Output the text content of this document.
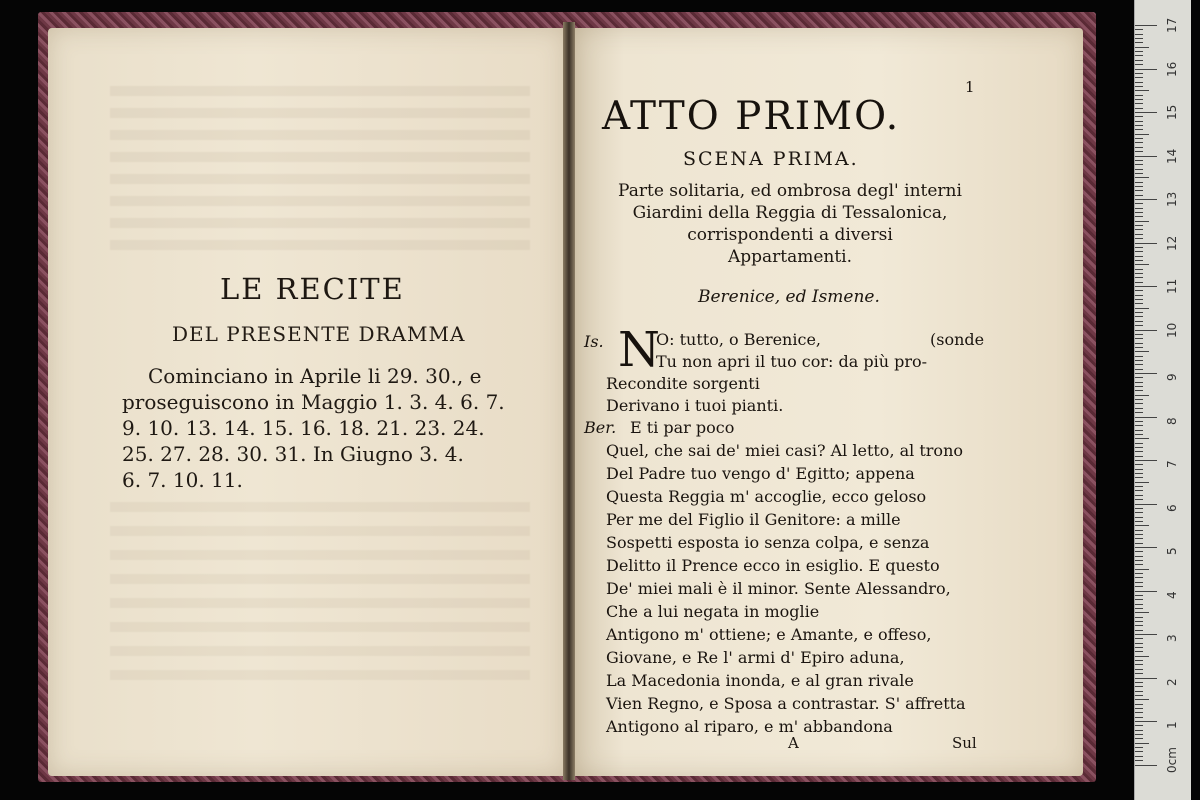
LE RECITE
DEL PRESENTE DRAMMA
Cominciano in Aprile li 29. 30., e
proseguiscono in Maggio 1. 3. 4. 6. 7.
9. 10. 13. 14. 15. 16. 18. 21. 23. 24.
25. 27. 28. 30. 31. In Giugno 3. 4.
6. 7. 10. 11.
ATTO PRIMO.
1
SCENA PRIMA.
Parte solitaria, ed ombrosa degl' interni
Giardini della Reggia di Tessalonica,
corrispondenti a diversi
Appartamenti.
Berenice, ed Ismene.
Is. N
O: tutto, o Berenice,	(sonde
Tu non apri il tuo cor: da più pro-
Recondite sorgenti
Derivano i tuoi pianti.
Ber. E ti par poco
Quel, che sai de' miei casi? Al letto, al trono
Del Padre tuo vengo d' Egitto; appena
Questa Reggia m' accoglie, ecco geloso
Per me del Figlio il Genitore: a mille
Sospetti esposta io senza colpa, e senza
Delitto il Prence ecco in esiglio. E questo
De' miei mali è il minor. Sente Alessandro,
Che a lui negata in moglie
Antigono m' ottiene; e Amante, e offeso,
Giovane, e Re l' armi d' Epiro aduna,
La Macedonia inonda, e al gran rivale
Vien Regno, e Sposa a contrastar. S' affretta
Antigono al riparo, e m' abbandona
A	Sul
17
16
15
14
13
12
11
10
9
8
7
6
5
4
3
2
1
0cm
